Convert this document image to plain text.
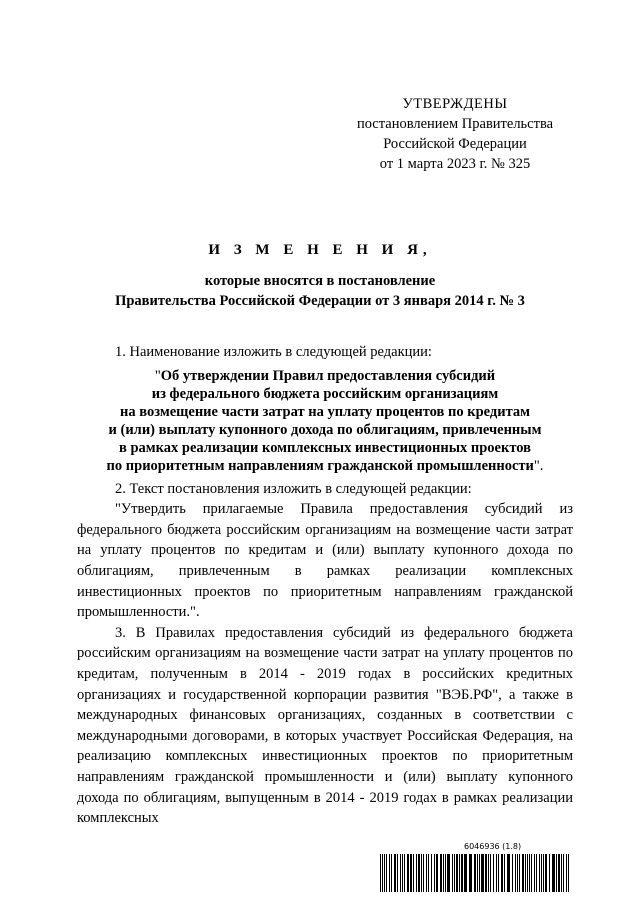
УТВЕРЖДЕНЫ
постановлением Правительства
Российской Федерации
от 1 марта 2023 г. № 325
И З М Е Н Е Н И Я,
которые вносятся в постановление
Правительства Российской Федерации от 3 января 2014 г. № 3

1. Наименование изложить в следующей редакции:

"Об утверждении Правил предоставления субсидий
из федерального бюджета российским организациям
на возмещение части затрат на уплату процентов по кредитам
и (или) выплату купонного дохода по облигациям, привлеченным
в рамках реализации комплексных инвестиционных проектов
по приоритетным направлениям гражданской промышленности".

2. Текст постановления изложить в следующей редакции:

"Утвердить прилагаемые Правила предоставления субсидий из федерального бюджета российским организациям на возмещение части затрат на уплату процентов по кредитам и (или) выплату купонного дохода по облигациям, привлеченным в рамках реализации комплексных инвестиционных проектов по приоритетным направлениям гражданской промышленности.".

3. В Правилах предоставления субсидий из федерального бюджета российским организациям на возмещение части затрат на уплату процентов по кредитам, полученным в 2014 - 2019 годах в российских кредитных организациях и государственной корпорации развития "ВЭБ.РФ", а также в международных финансовых организациях, созданных в соответствии с международными договорами, в которых участвует Российская Федерация, на реализацию комплексных инвестиционных проектов по приоритетным направлениям гражданской промышленности и (или) выплату купонного дохода по облигациям, выпущенным в 2014 - 2019 годах в рамках реализации комплексных

6046936 (1.8)
